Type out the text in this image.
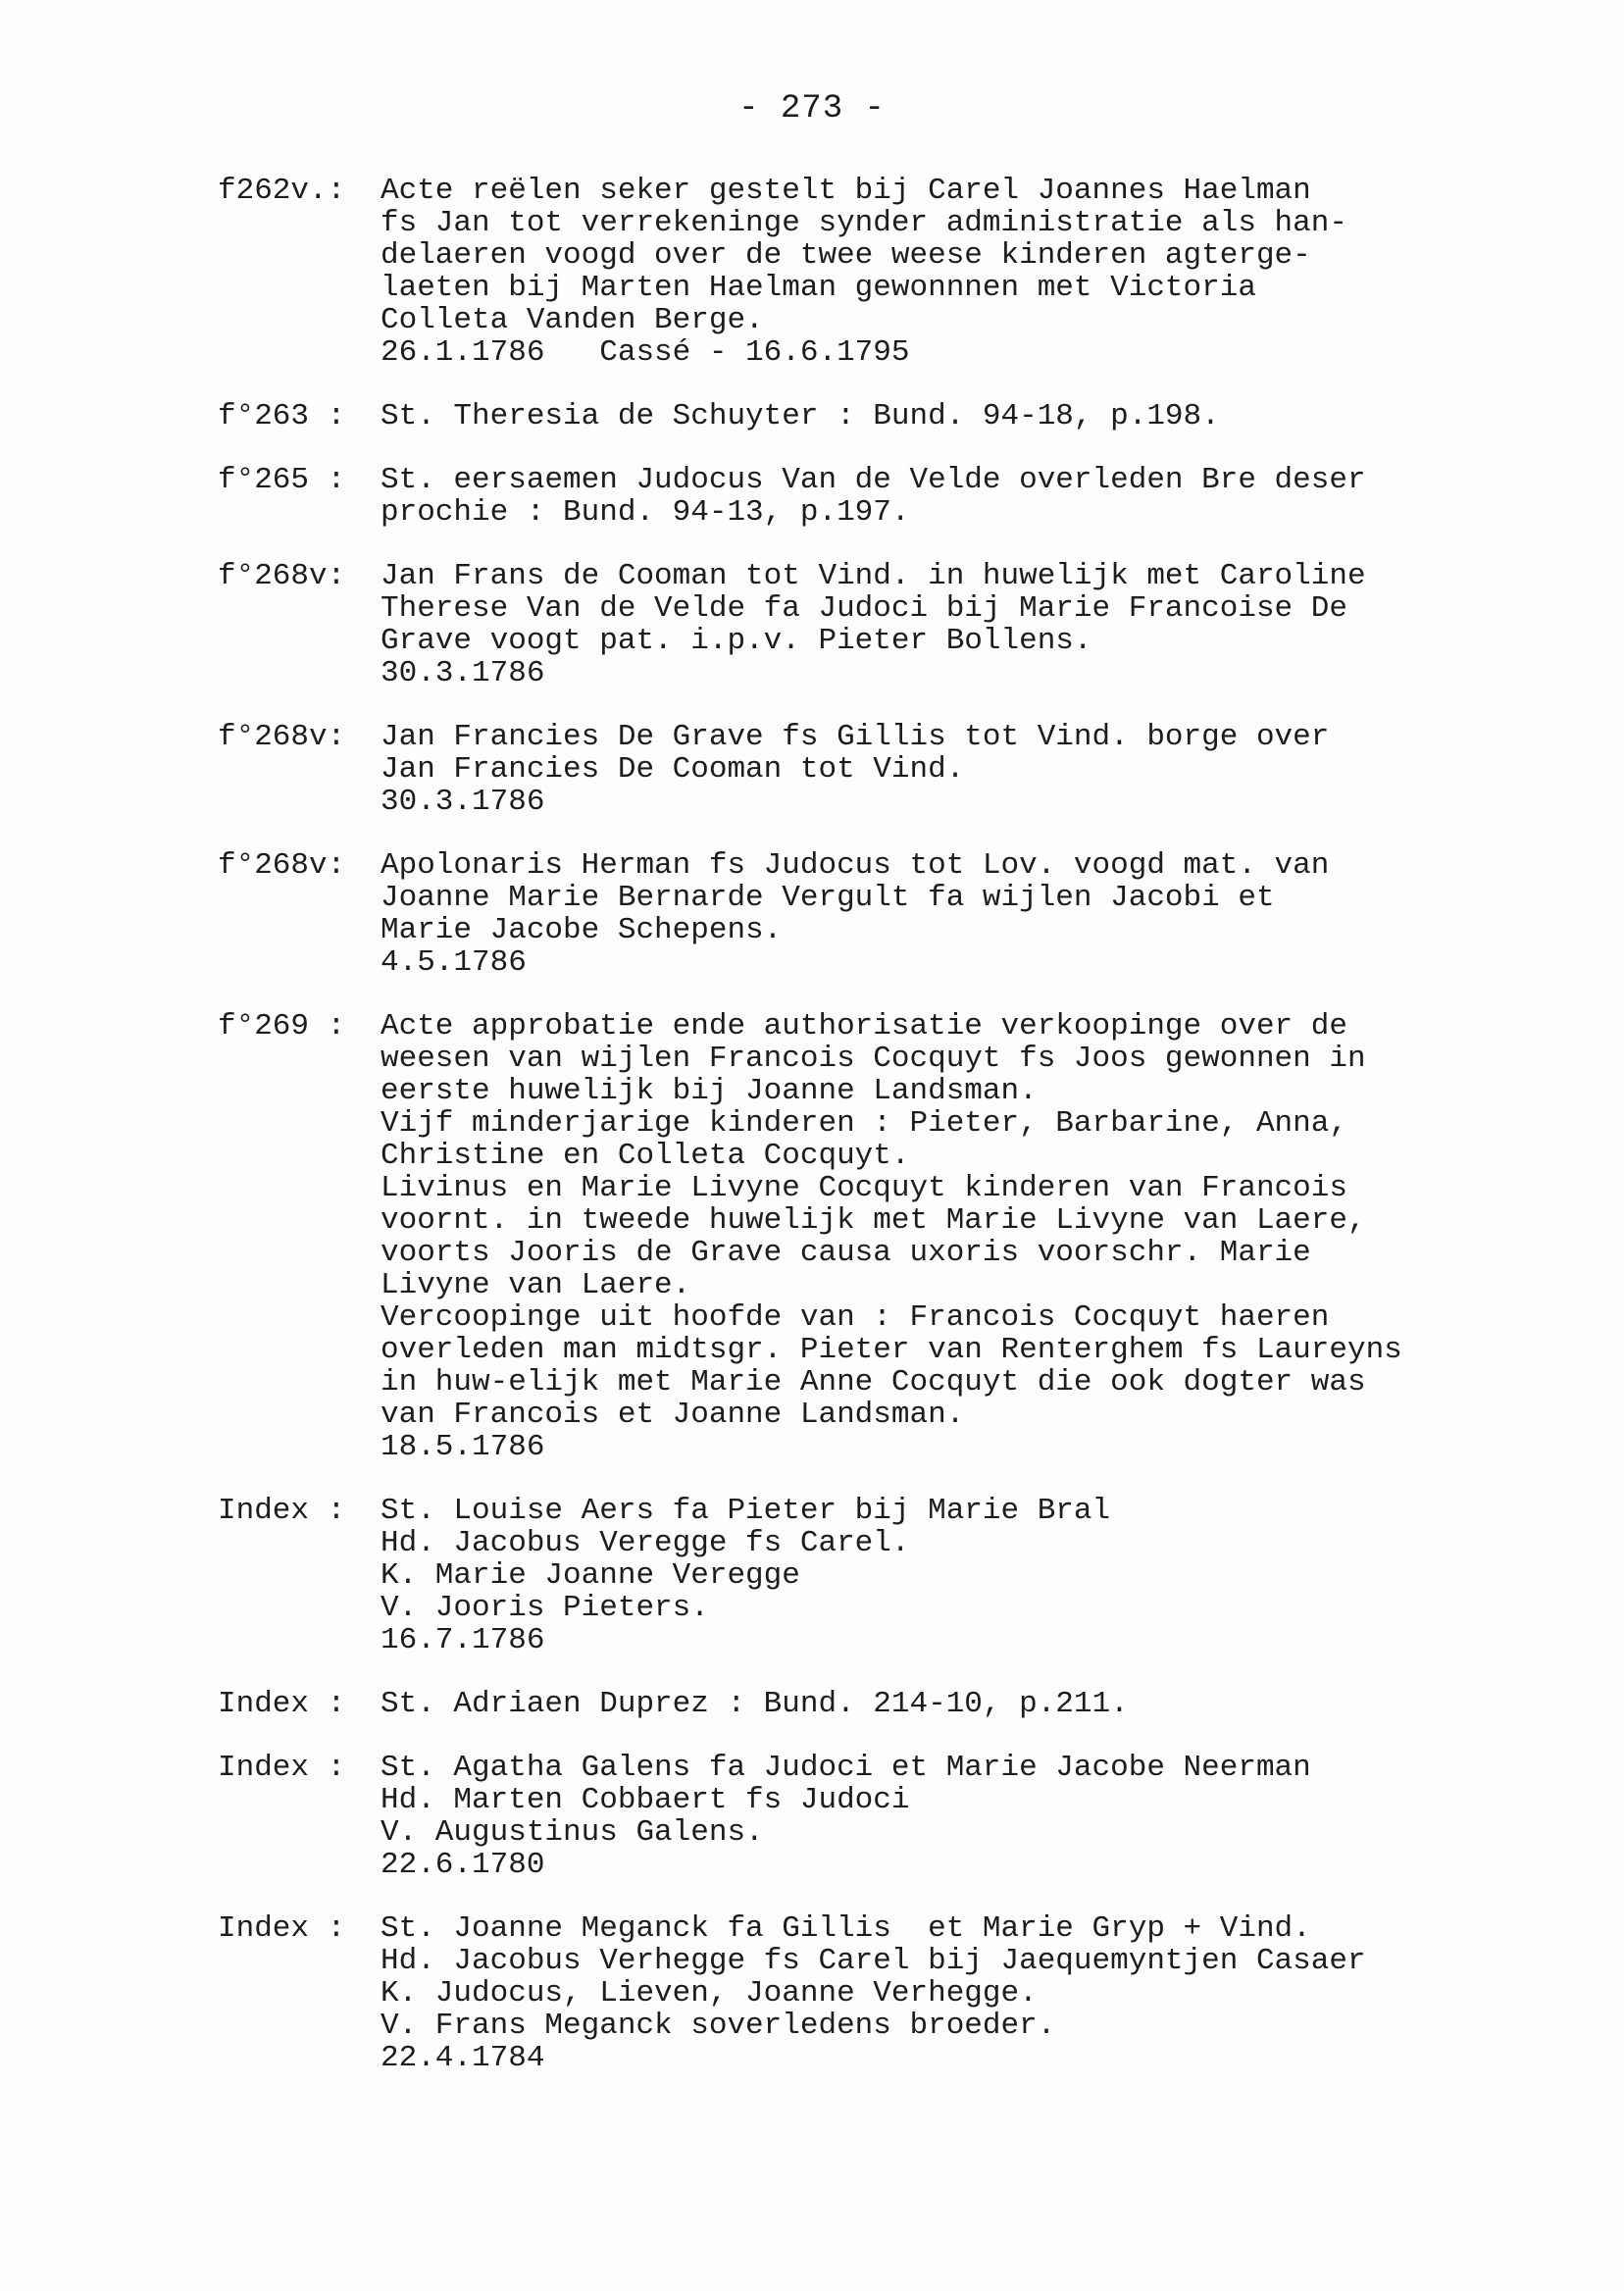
- 273 -
f262v.:	Acte reëlen seker gestelt bij Carel Joannes Haelman
fs Jan tot verrekeninge synder administratie als han-
delaeren voogd over de twee weese kinderen agterge-
laeten bij Marten Haelman gewonnnen met Victoria
Colleta Vanden Berge.
26.1.1786   Cassé - 16.6.1795
f°263 :	St. Theresia de Schuyter : Bund. 94-18, p.198.
f°265 :	St. eersaemen Judocus Van de Velde overleden Bre deser
prochie : Bund. 94-13, p.197.
f°268v:	Jan Frans de Cooman tot Vind. in huwelijk met Caroline
Therese Van de Velde fa Judoci bij Marie Francoise De
Grave voogt pat. i.p.v. Pieter Bollens.
30.3.1786
f°268v:	Jan Francies De Grave fs Gillis tot Vind. borge over
Jan Francies De Cooman tot Vind.
30.3.1786
f°268v:	Apolonaris Herman fs Judocus tot Lov. voogd mat. van
Joanne Marie Bernarde Vergult fa wijlen Jacobi et
Marie Jacobe Schepens.
4.5.1786
f°269 :	Acte approbatie ende authorisatie verkoopinge over de
weesen van wijlen Francois Cocquyt fs Joos gewonnen in
eerste huwelijk bij Joanne Landsman.
Vijf minderjarige kinderen : Pieter, Barbarine, Anna,
Christine en Colleta Cocquyt.
Livinus en Marie Livyne Cocquyt kinderen van Francois
voornt. in tweede huwelijk met Marie Livyne van Laere,
voorts Jooris de Grave causa uxoris voorschr. Marie
Livyne van Laere.
Vercoopinge uit hoofde van : Francois Cocquyt haeren
overleden man midtsgr. Pieter van Renterghem fs Laureyns
in huw-elijk met Marie Anne Cocquyt die ook dogter was
van Francois et Joanne Landsman.
18.5.1786
Index :	St. Louise Aers fa Pieter bij Marie Bral
Hd. Jacobus Veregge fs Carel.
K. Marie Joanne Veregge
V. Jooris Pieters.
16.7.1786
Index :	St. Adriaen Duprez : Bund. 214-10, p.211.
Index :	St. Agatha Galens fa Judoci et Marie Jacobe Neerman
Hd. Marten Cobbaert fs Judoci
V. Augustinus Galens.
22.6.1780
Index :	St. Joanne Meganck fa Gillis  et Marie Gryp + Vind.
Hd. Jacobus Verhegge fs Carel bij Jaequemyntjen Casaer
K. Judocus, Lieven, Joanne Verhegge.
V. Frans Meganck soverledens broeder.
22.4.1784
